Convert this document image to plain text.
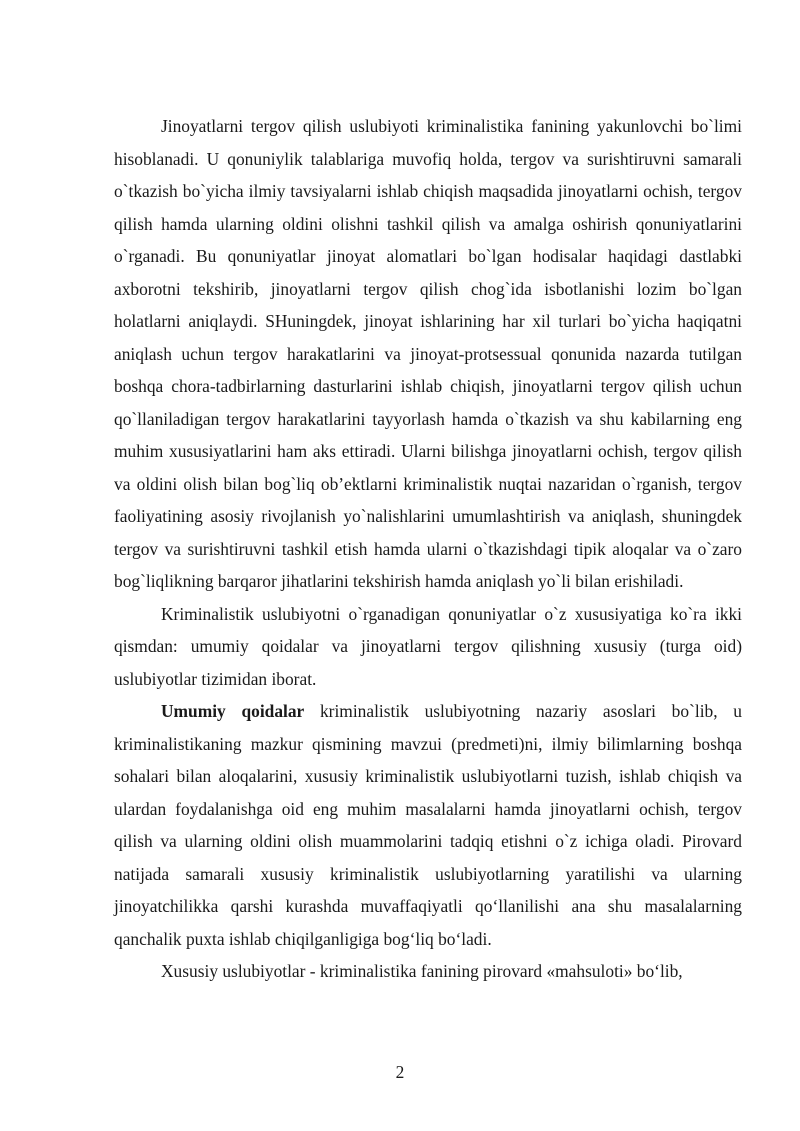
Jinoyatlarni tergov qilish uslubiyoti kriminalistika fanining yakunlovchi bo`limi hisoblanadi. U qonuniylik talablariga muvofiq holda, tergov va surishtiruvni samarali o`tkazish bo`yicha ilmiy tavsiyalarni ishlab chiqish maqsadida jinoyatlarni ochish, tergov qilish hamda ularning oldini olishni tashkil qilish va amalga oshirish qonuniyatlarini o`rganadi. Bu qonuniyatlar jinoyat alomatlari bo`lgan hodisalar haqidagi dastlabki axborotni tekshirib, jinoyatlarni tergov qilish chog`ida isbotlanishi lozim bo`lgan holatlarni aniqlaydi. SHuningdek, jinoyat ishlarining har xil turlari bo`yicha haqiqatni aniqlash uchun tergov harakatlarini va jinoyat-protsessual qonunida nazarda tutilgan boshqa chora-tadbirlarning dasturlarini ishlab chiqish, jinoyatlarni tergov qilish uchun qo`llaniladigan tergov harakatlarini tayyorlash hamda o`tkazish va shu kabilarning eng muhim xususiyatlarini ham aks ettiradi. Ularni bilishga jinoyatlarni ochish, tergov qilish va oldini olish bilan bog`liq ob’ektlarni kriminalistik nuqtai nazaridan o`rganish, tergov faoliyatining asosiy rivojlanish yo`nalishlarini umumlashtirish va aniqlash, shuningdek tergov va surishtiruvni tashkil etish hamda ularni o`tkazishdagi tipik aloqalar va o`zaro bog`liqlikning barqaror jihatlarini tekshirish hamda aniqlash yo`li bilan erishiladi.

Kriminalistik uslubiyotni o`rganadigan qonuniyatlar o`z xususiyatiga ko`ra ikki qismdan: umumiy qoidalar va jinoyatlarni tergov qilishning xususiy (turga oid) uslubiyotlar tizimidan iborat.

Umumiy qoidalar kriminalistik uslubiyotning nazariy asoslari bo`lib, u kriminalistikaning mazkur qismining mavzui (predmeti)ni, ilmiy bilimlarning boshqa sohalari bilan aloqalarini, xususiy kriminalistik uslubiyotlarni tuzish, ishlab chiqish va ulardan foydalanishga oid eng muhim masalalarni hamda jinoyatlarni ochish, tergov qilish va ularning oldini olish muammolarini tadqiq etishni o`z ichiga oladi. Pirovard natijada samarali xususiy kriminalistik uslubiyotlarning yaratilishi va ularning jinoyatchilikka qarshi kurashda muvaffaqiyatli qo‘llanilishi ana shu masalalarning qanchalik puxta ishlab chiqilganligiga bog‘liq bo‘ladi.

Xususiy uslubiyotlar - kriminalistika fanining pirovard «mahsuloti» bo‘lib,

2
